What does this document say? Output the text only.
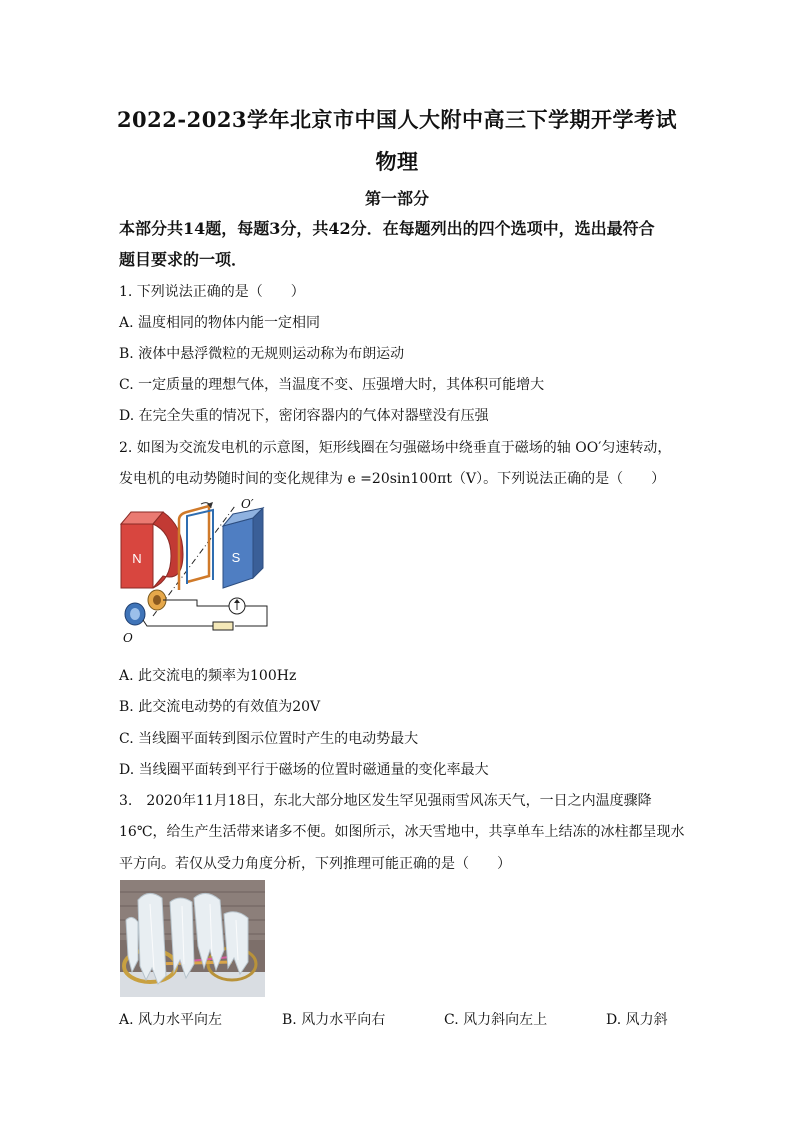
2022-2023学年北京市中国人大附中高三下学期开学考试
物理
第一部分
本部分共14题，每题3分，共42分．在每题列出的四个选项中，选出最符合
题目要求的一项．
1. 下列说法正确的是（　　）
A. 温度相同的物体内能一定相同
B. 液体中悬浮微粒的无规则运动称为布朗运动
C. 一定质量的理想气体，当温度不变、压强增大时，其体积可能增大
D. 在完全失重的情况下，密闭容器内的气体对器壁没有压强
2. 如图为交流发电机的示意图，矩形线圈在匀强磁场中绕垂直于磁场的轴 OO′匀速转动，
发电机的电动势随时间的变化规律为 e =20sin100πt（V）。下列说法正确的是（　　）
N	S
O′
O
A. 此交流电的频率为100Hz
B. 此交流电动势的有效值为20V
C. 当线圈平面转到图示位置时产生的电动势最大
D. 当线圈平面转到平行于磁场的位置时磁通量的变化率最大
3.　2020年11月18日，东北大部分地区发生罕见强雨雪风冻天气，一日之内温度骤降
16℃，给生产生活带来诸多不便。如图所示，冰天雪地中，共享单车上结冻的冰柱都呈现水
平方向。若仅从受力角度分析，下列推理可能正确的是（　　）
A. 风力水平向左	B. 风力水平向右	C. 风力斜向左上	D. 风力斜
